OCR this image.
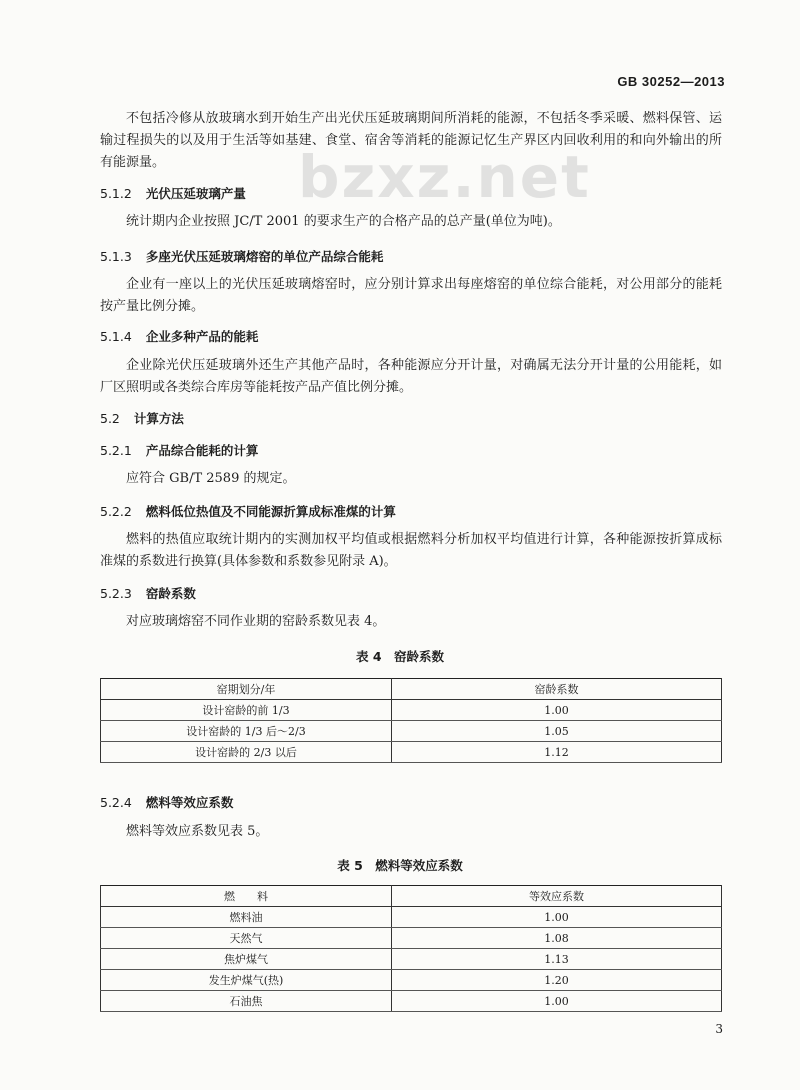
GB 30252—2013
bzxz.net
不包括冷修从放玻璃水到开始生产出光伏压延玻璃期间所消耗的能源，不包括冬季采暖、燃料保管、运输过程损失的以及用于生活等如基建、食堂、宿舍等消耗的能源记忆生产界区内回收利用的和向外输出的所有能源量。
5.1.2 光伏压延玻璃产量
统计期内企业按照 JC/T 2001 的要求生产的合格产品的总产量(单位为吨)。
5.1.3 多座光伏压延玻璃熔窑的单位产品综合能耗
企业有一座以上的光伏压延玻璃熔窑时，应分别计算求出每座熔窑的单位综合能耗，对公用部分的能耗按产量比例分摊。
5.1.4 企业多种产品的能耗
企业除光伏压延玻璃外还生产其他产品时，各种能源应分开计量，对确属无法分开计量的公用能耗，如厂区照明或各类综合库房等能耗按产品产值比例分摊。
5.2 计算方法
5.2.1 产品综合能耗的计算
应符合 GB/T 2589 的规定。
5.2.2 燃料低位热值及不同能源折算成标准煤的计算
燃料的热值应取统计期内的实测加权平均值或根据燃料分析加权平均值进行计算，各种能源按折算成标准煤的系数进行换算(具体参数和系数参见附录 A)。
5.2.3 窑龄系数
对应玻璃熔窑不同作业期的窑龄系数见表 4。
表 4　窑龄系数
窑期划分/年	窑龄系数
设计窑龄的前 1/3	1.00
设计窑龄的 1/3 后～2/3	1.05
设计窑龄的 2/3 以后	1.12
5.2.4 燃料等效应系数
燃料等效应系数见表 5。
表 5　燃料等效应系数
燃　　料	等效应系数
燃料油	1.00
天然气	1.08
焦炉煤气	1.13
发生炉煤气(热)	1.20
石油焦	1.00
3
